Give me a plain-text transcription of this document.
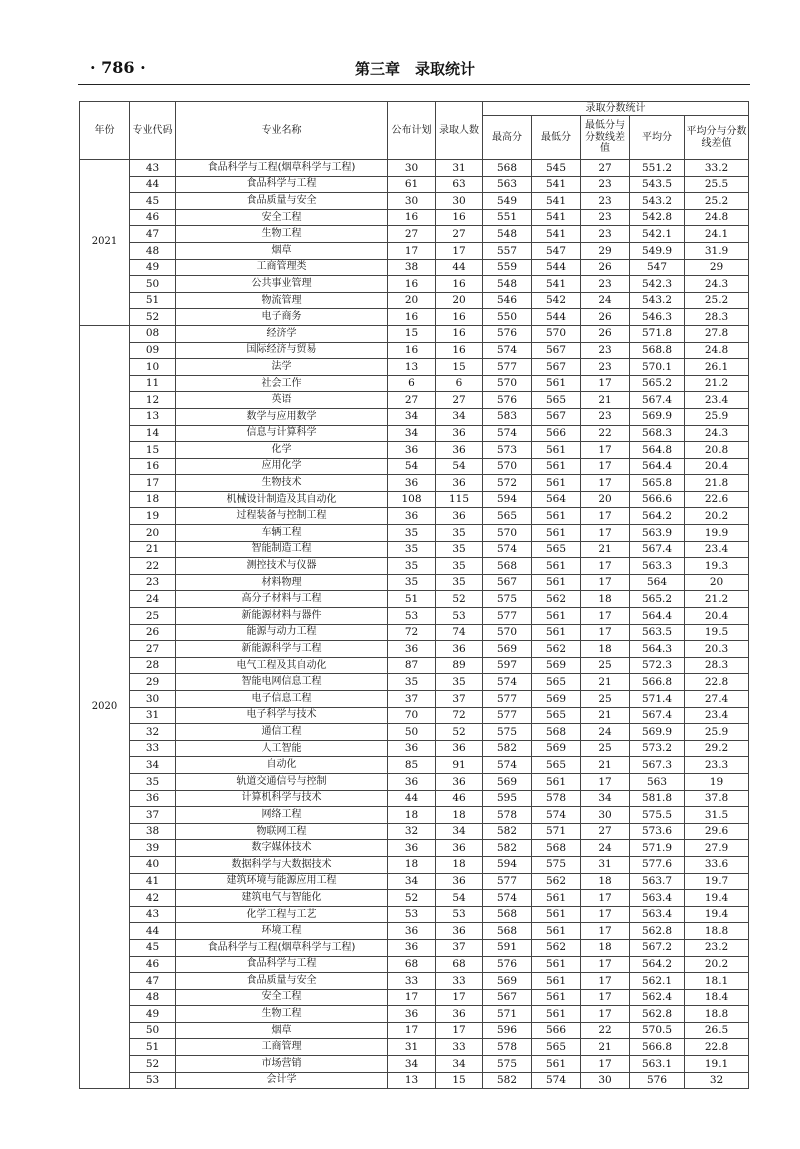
· 786 ·	第三章　录取统计
年份	专业代码	专业名称	公布计划	录取人数	录取分数统计				
					最高分	最低分	最低分与分数线差值	平均分	平均分与分数线差值
2021	43	食品科学与工程(烟草科学与工程)	30	31	568	545	27	551.2	33.2
	44	食品科学与工程	61	63	563	541	23	543.5	25.5
	45	食品质量与安全	30	30	549	541	23	543.2	25.2
	46	安全工程	16	16	551	541	23	542.8	24.8
	47	生物工程	27	27	548	541	23	542.1	24.1
	48	烟草	17	17	557	547	29	549.9	31.9
	49	工商管理类	38	44	559	544	26	547	29
	50	公共事业管理	16	16	548	541	23	542.3	24.3
	51	物流管理	20	20	546	542	24	543.2	25.2
	52	电子商务	16	16	550	544	26	546.3	28.3
2020	08	经济学	15	16	576	570	26	571.8	27.8
	09	国际经济与贸易	16	16	574	567	23	568.8	24.8
	10	法学	13	15	577	567	23	570.1	26.1
	11	社会工作	6	6	570	561	17	565.2	21.2
	12	英语	27	27	576	565	21	567.4	23.4
	13	数学与应用数学	34	34	583	567	23	569.9	25.9
	14	信息与计算科学	34	36	574	566	22	568.3	24.3
	15	化学	36	36	573	561	17	564.8	20.8
	16	应用化学	54	54	570	561	17	564.4	20.4
	17	生物技术	36	36	572	561	17	565.8	21.8
	18	机械设计制造及其自动化	108	115	594	564	20	566.6	22.6
	19	过程装备与控制工程	36	36	565	561	17	564.2	20.2
	20	车辆工程	35	35	570	561	17	563.9	19.9
	21	智能制造工程	35	35	574	565	21	567.4	23.4
	22	测控技术与仪器	35	35	568	561	17	563.3	19.3
	23	材料物理	35	35	567	561	17	564	20
	24	高分子材料与工程	51	52	575	562	18	565.2	21.2
	25	新能源材料与器件	53	53	577	561	17	564.4	20.4
	26	能源与动力工程	72	74	570	561	17	563.5	19.5
	27	新能源科学与工程	36	36	569	562	18	564.3	20.3
	28	电气工程及其自动化	87	89	597	569	25	572.3	28.3
	29	智能电网信息工程	35	35	574	565	21	566.8	22.8
	30	电子信息工程	37	37	577	569	25	571.4	27.4
	31	电子科学与技术	70	72	577	565	21	567.4	23.4
	32	通信工程	50	52	575	568	24	569.9	25.9
	33	人工智能	36	36	582	569	25	573.2	29.2
	34	自动化	85	91	574	565	21	567.3	23.3
	35	轨道交通信号与控制	36	36	569	561	17	563	19
	36	计算机科学与技术	44	46	595	578	34	581.8	37.8
	37	网络工程	18	18	578	574	30	575.5	31.5
	38	物联网工程	32	34	582	571	27	573.6	29.6
	39	数字媒体技术	36	36	582	568	24	571.9	27.9
	40	数据科学与大数据技术	18	18	594	575	31	577.6	33.6
	41	建筑环境与能源应用工程	34	36	577	562	18	563.7	19.7
	42	建筑电气与智能化	52	54	574	561	17	563.4	19.4
	43	化学工程与工艺	53	53	568	561	17	563.4	19.4
	44	环境工程	36	36	568	561	17	562.8	18.8
	45	食品科学与工程(烟草科学与工程)	36	37	591	562	18	567.2	23.2
	46	食品科学与工程	68	68	576	561	17	564.2	20.2
	47	食品质量与安全	33	33	569	561	17	562.1	18.1
	48	安全工程	17	17	567	561	17	562.4	18.4
	49	生物工程	36	36	571	561	17	562.8	18.8
	50	烟草	17	17	596	566	22	570.5	26.5
	51	工商管理	31	33	578	565	21	566.8	22.8
	52	市场营销	34	34	575	561	17	563.1	19.1
	53	会计学	13	15	582	574	30	576	32
